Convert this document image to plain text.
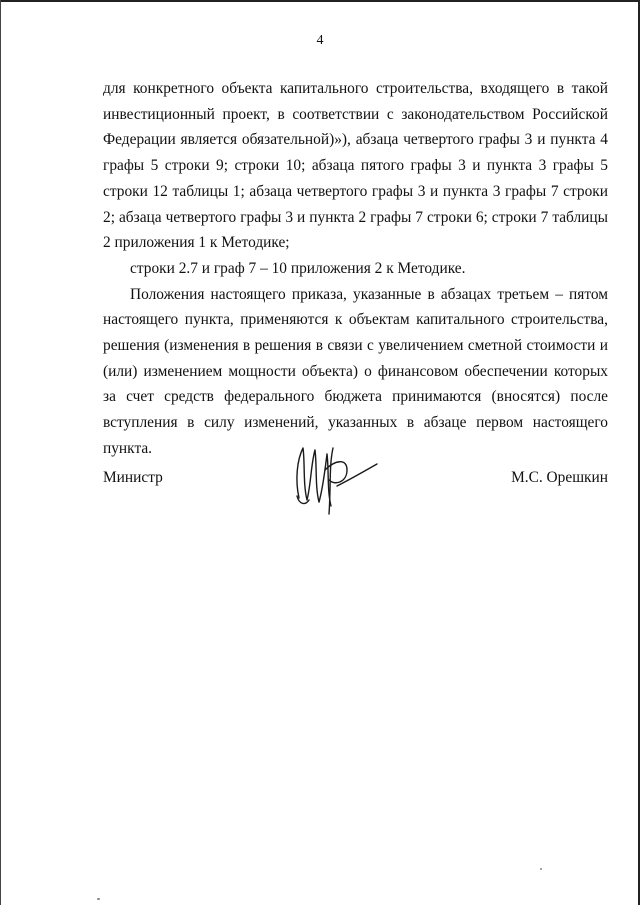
4

для конкретного объекта капитального строительства, входящего в такой инвестиционный проект, в соответствии с законодательством Российской Федерации является обязательной)»), абзаца четвертого графы 3 и пункта 4 графы 5 строки 9; строки 10; абзаца пятого графы 3 и пункта 3 графы 5 строки 12 таблицы 1; абзаца четвертого графы 3 и пункта 3 графы 7 строки 2; абзаца четвертого графы 3 и пункта 2 графы 7 строки 6; строки 7 таблицы 2 приложения 1 к Методике;

строки 2.7 и граф 7 – 10 приложения 2 к Методике.

Положения настоящего приказа, указанные в абзацах третьем – пятом настоящего пункта, применяются к объектам капитального строительства, решения (изменения в решения в связи с увеличением сметной стоимости и (или) изменением мощности объекта) о финансовом обеспечении которых за счет средств федерального бюджета принимаются (вносятся) после вступления в силу изменений, указанных в абзаце первом настоящего пункта.

Министр	М.С. Орешкин
